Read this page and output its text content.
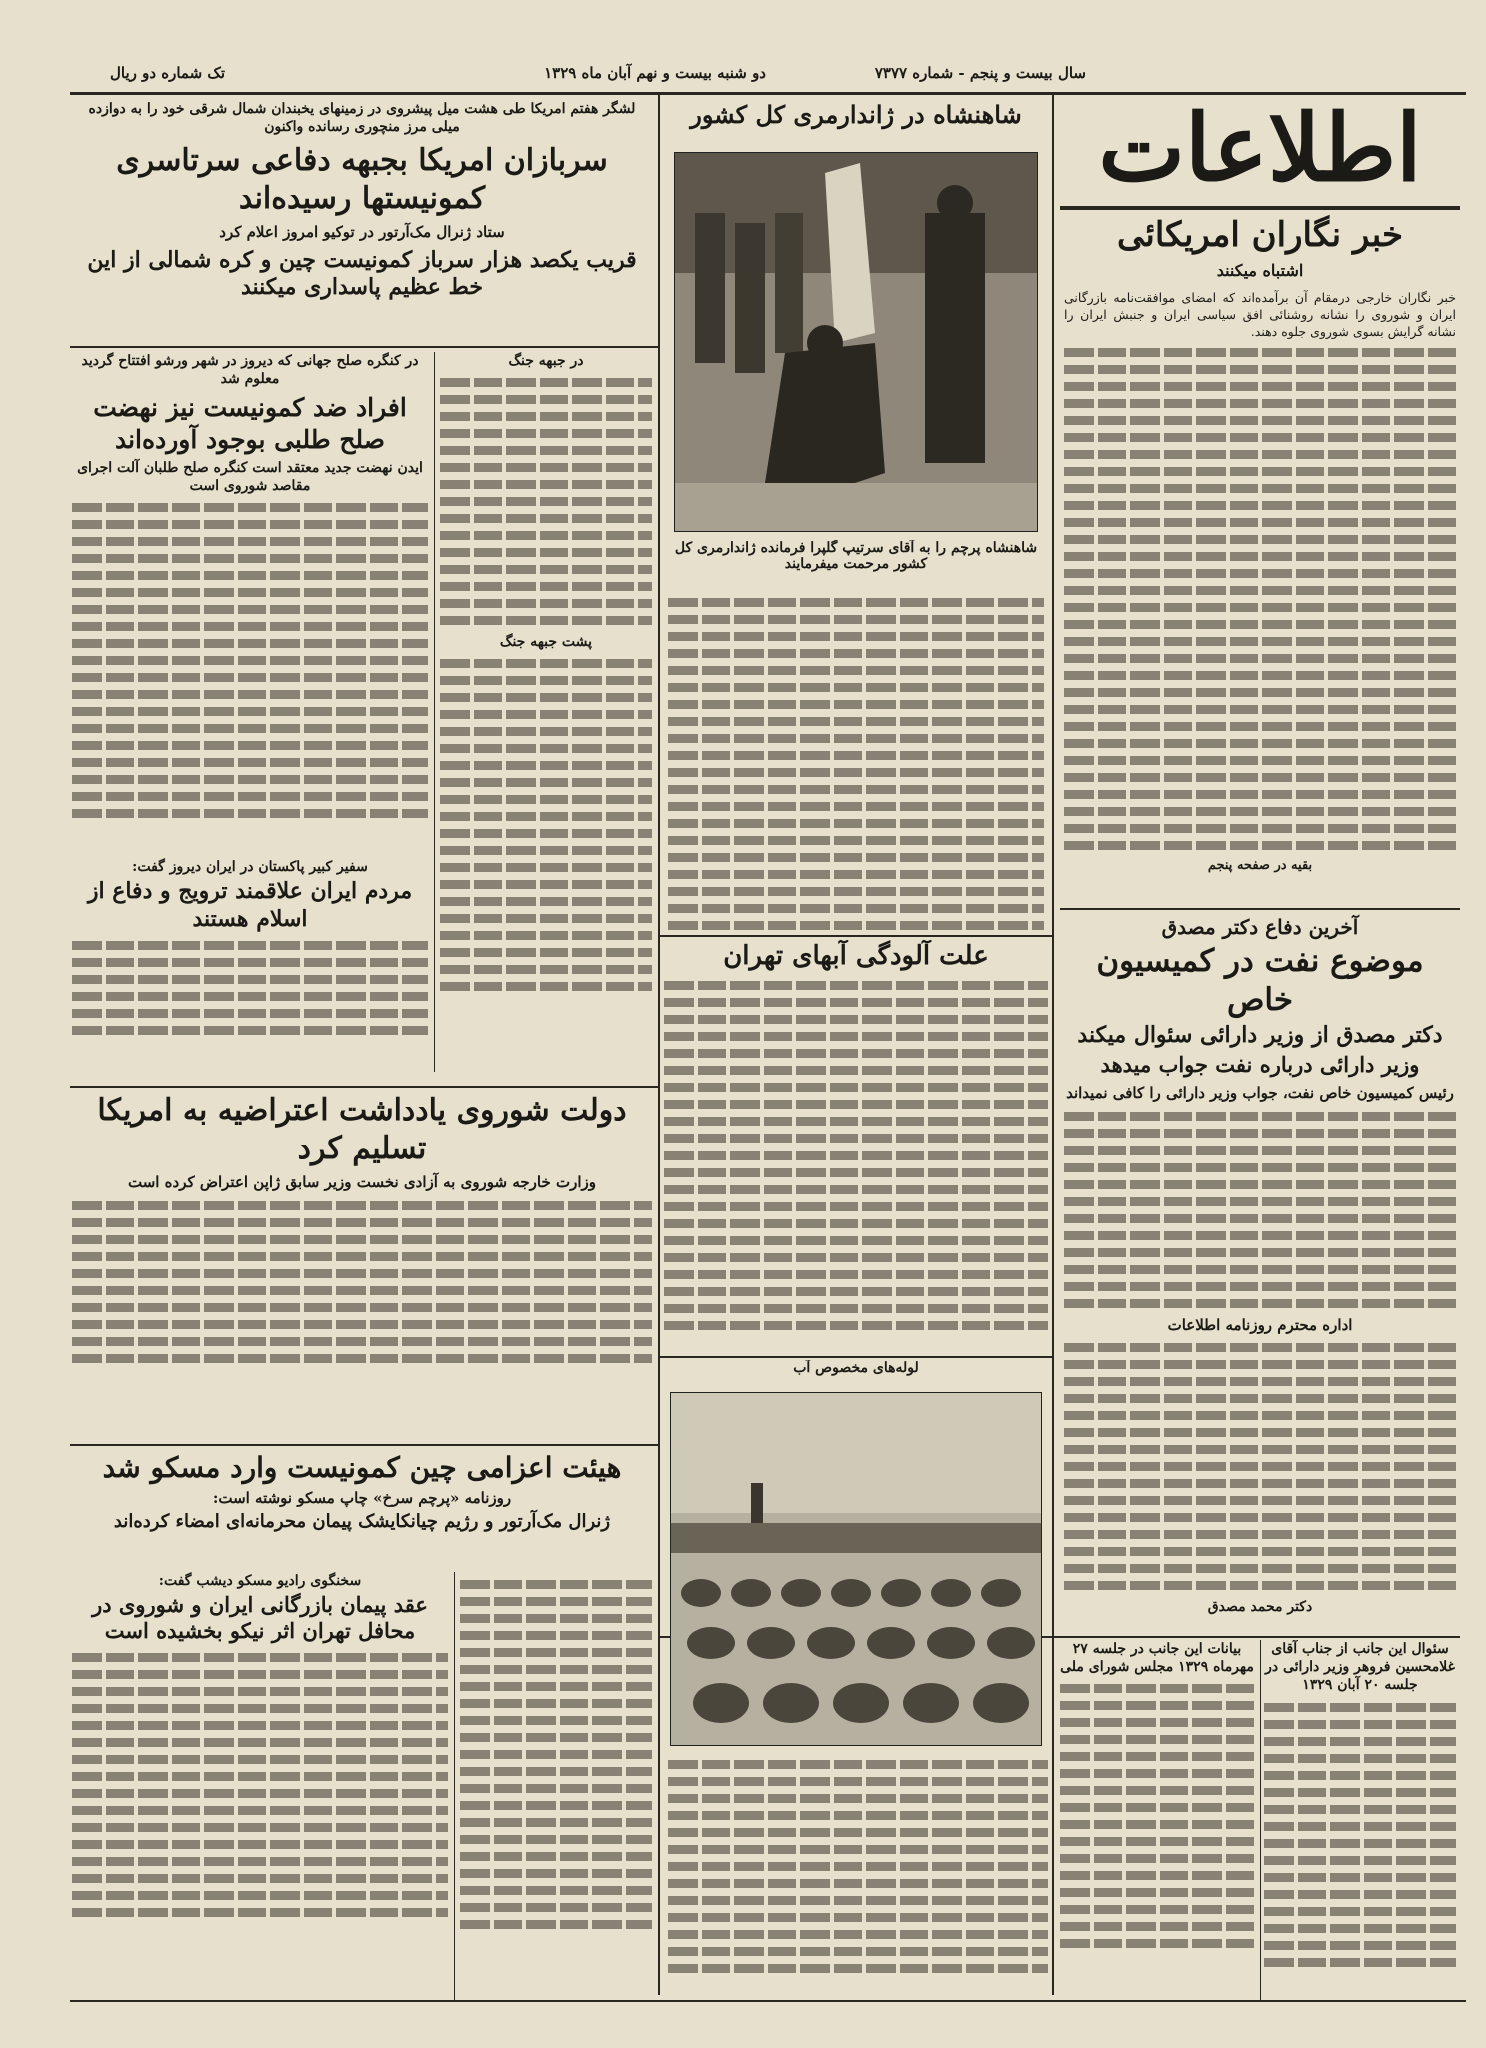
سال بیست و پنجم - شماره ۷۳۷۷
دو شنبه بیست و نهم آبان ماه ۱۳۲۹
تک شماره دو ریال
اطلاعات
خبر نگاران امریکائی
اشتباه میکنند
خبر نگاران خارجی درمقام آن برآمده‌اند که امضای موافقت‌نامه بازرگانی ایران و شوروی را نشانه روشنائی افق سیاسی ایران و جنبش ایران را نشانه گرایش بسوی شوروی جلوه دهند.
بقیه در صفحه پنجم
آخرین دفاع دکتر مصدق
موضوع نفت در کمیسیون خاص
دکتر مصدق از وزیر دارائی سئوال میکند
وزیر دارائی درباره نفت جواب میدهد
رئیس کمیسیون خاص نفت، جواب وزیر دارائی را کافی نمیداند
اداره محترم روزنامه اطلاعات
دکتر محمد مصدق
سئوال این جانب از جناب آقای غلامحسین فروهر وزیر دارائی در جلسه ۲۰ آبان ۱۳۲۹
بیانات این جانب در جلسه ۲۷ مهرماه ۱۳۲۹ مجلس شورای ملی
شاهنشاه در ژاندارمری کل کشور
شاهنشاه پرچم را به آقای سرتیپ گلپرا فرمانده ژاندارمری کل کشور مرحمت میفرمایند
علت آلودگی آبهای تهران
لوله‌های مخصوص آب
لشگر هفتم امریکا طی هشت میل پیشروی در زمینهای یخبندان شمال شرقی خود را به دوازده میلی مرز منچوری رسانده واکنون
سربازان امریکا بجبهه دفاعی سرتاسری کمونیستها رسیده‌اند
ستاد ژنرال مک‌آرتور در توکیو امروز اعلام کرد
قریب یکصد هزار سرباز کمونیست چین و کره شمالی از این خط عظیم پاسداری میکنند
در جبهه جنگ
پشت جبهه جنگ
در کنگره صلح جهانی که دیروز در شهر ورشو افتتاح گردید معلوم شد
افراد ضد کمونیست نیز نهضت صلح طلبی بوجود آورده‌اند
ایدن نهضت جدید معتقد است کنگره صلح طلبان آلت اجرای مقاصد شوروی است
سفیر کبیر پاکستان در ایران دیروز گفت:
مردم ایران علاقمند ترویج و دفاع از اسلام هستند
دولت شوروی یادداشت اعتراضیه به امریکا تسلیم کرد
وزارت خارجه شوروی به آزادی نخست وزیر سابق ژاپن اعتراض کرده است
هیئت اعزامی چین کمونیست وارد مسکو شد
روزنامه «پرچم سرخ» چاپ مسکو نوشته است:
ژنرال مک‌آرتور و رژیم چیانکایشک پیمان محرمانه‌ای امضاء کرده‌اند
سخنگوی رادیو مسکو دیشب گفت:
عقد پیمان بازرگانی ایران و شوروی در محافل تهران اثر نیکو بخشیده است
